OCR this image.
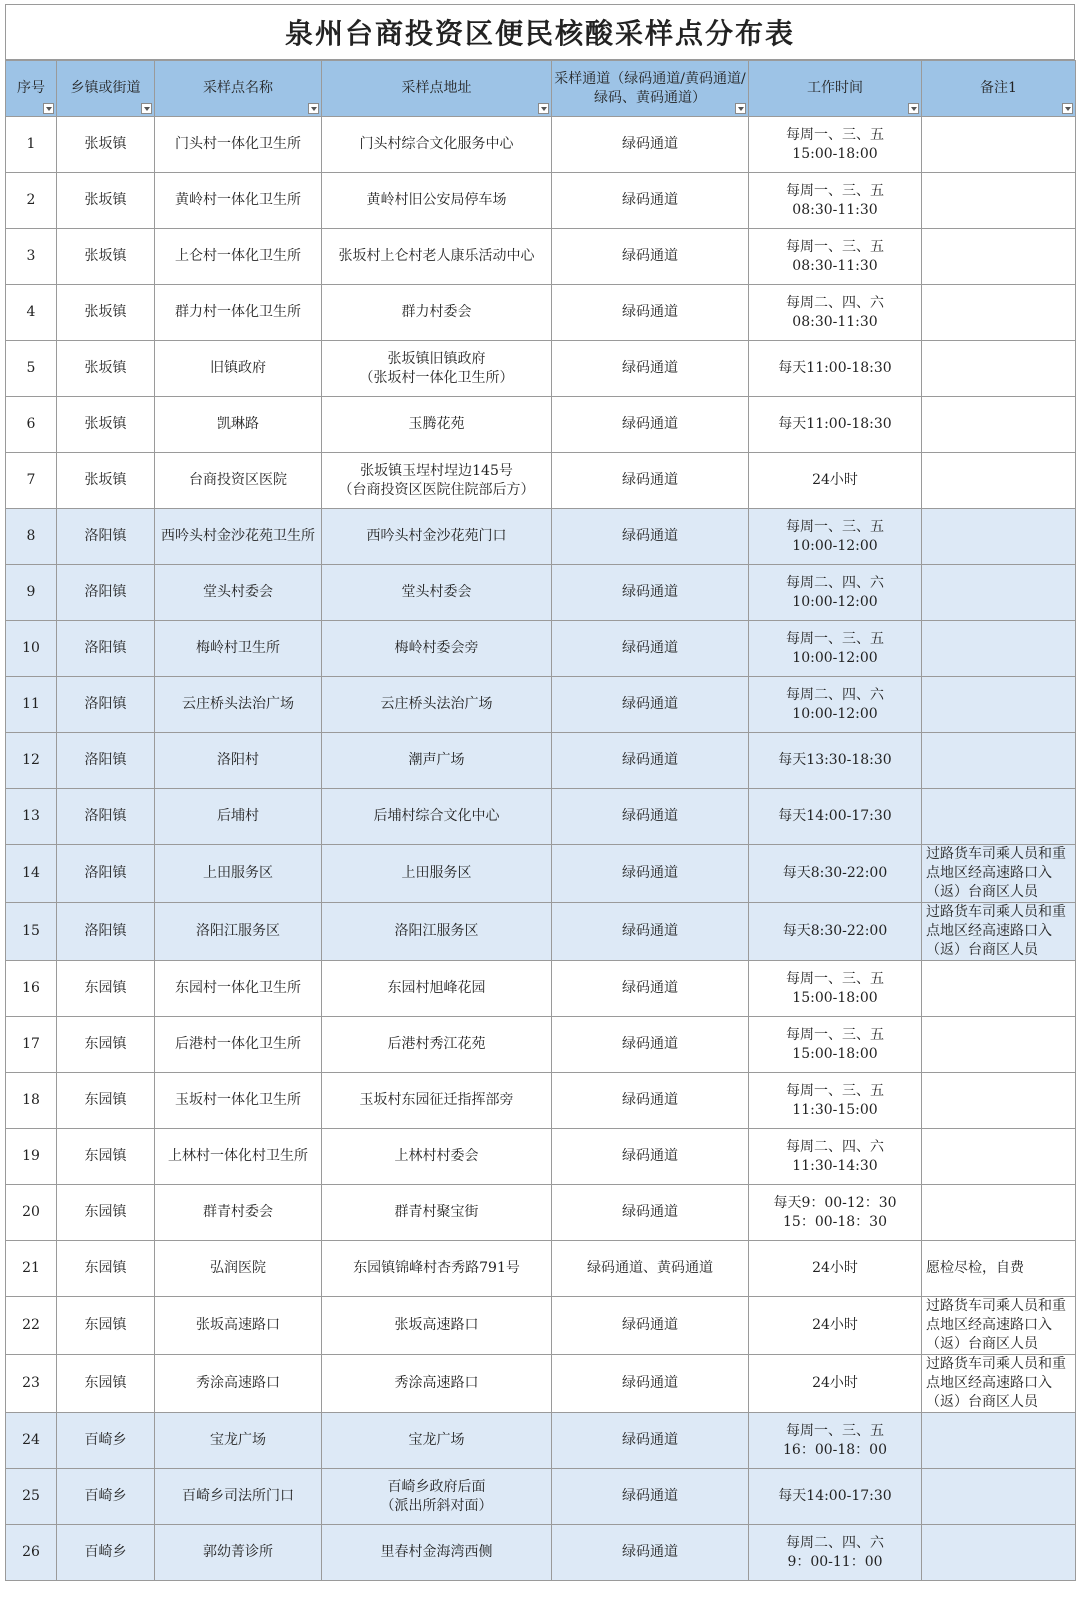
泉州台商投资区便民核酸采样点分布表
序号	乡镇或街道	采样点名称	采样点地址	采样通道（绿码通道/黄码通道/绿码、黄码通道）	工作时间	备注1

1	张坂镇	门头村一体化卫生所	门头村综合文化服务中心	绿码通道	每周一、三、五
15:00-18:00	
2	张坂镇	黄岭村一体化卫生所	黄岭村旧公安局停车场	绿码通道	每周一、三、五
08:30-11:30	
3	张坂镇	上仑村一体化卫生所	张坂村上仑村老人康乐活动中心	绿码通道	每周一、三、五
08:30-11:30	
4	张坂镇	群力村一体化卫生所	群力村委会	绿码通道	每周二、四、六
08:30-11:30	
5	张坂镇	旧镇政府	张坂镇旧镇政府
（张坂村一体化卫生所）	绿码通道	每天11:00-18:30	
6	张坂镇	凯琳路	玉腾花苑	绿码通道	每天11:00-18:30	
7	张坂镇	台商投资区医院	张坂镇玉埕村埕边145号
（台商投资区医院住院部后方）	绿码通道	24小时	
8	洛阳镇	西吟头村金沙花苑卫生所	西吟头村金沙花苑门口	绿码通道	每周一、三、五
10:00-12:00	
9	洛阳镇	堂头村委会	堂头村委会	绿码通道	每周二、四、六
10:00-12:00	
10	洛阳镇	梅岭村卫生所	梅岭村委会旁	绿码通道	每周一、三、五
10:00-12:00	
11	洛阳镇	云庄桥头法治广场	云庄桥头法治广场	绿码通道	每周二、四、六
10:00-12:00	
12	洛阳镇	洛阳村	潮声广场	绿码通道	每天13:30-18:30	
13	洛阳镇	后埔村	后埔村综合文化中心	绿码通道	每天14:00-17:30	
14	洛阳镇	上田服务区	上田服务区	绿码通道	每天8:30-22:00	过路货车司乘人员和重点地区经高速路口入（返）台商区人员
15	洛阳镇	洛阳江服务区	洛阳江服务区	绿码通道	每天8:30-22:00	过路货车司乘人员和重点地区经高速路口入（返）台商区人员
16	东园镇	东园村一体化卫生所	东园村旭峰花园	绿码通道	每周一、三、五
15:00-18:00	
17	东园镇	后港村一体化卫生所	后港村秀江花苑	绿码通道	每周一、三、五
15:00-18:00	
18	东园镇	玉坂村一体化卫生所	玉坂村东园征迁指挥部旁	绿码通道	每周一、三、五
11:30-15:00	
19	东园镇	上林村一体化村卫生所	上林村村委会	绿码通道	每周二、四、六
11:30-14:30	
20	东园镇	群青村委会	群青村聚宝街	绿码通道	每天9：00-12：30
15：00-18：30	
21	东园镇	弘润医院	东园镇锦峰村杏秀路791号	绿码通道、黄码通道	24小时	愿检尽检，自费
22	东园镇	张坂高速路口	张坂高速路口	绿码通道	24小时	过路货车司乘人员和重点地区经高速路口入（返）台商区人员
23	东园镇	秀涂高速路口	秀涂高速路口	绿码通道	24小时	过路货车司乘人员和重点地区经高速路口入（返）台商区人员
24	百崎乡	宝龙广场	宝龙广场	绿码通道	每周一、三、五
16：00-18：00	
25	百崎乡	百崎乡司法所门口	百崎乡政府后面
（派出所斜对面）	绿码通道	每天14:00-17:30	
26	百崎乡	郭幼菁诊所	里春村金海湾西侧	绿码通道	每周二、四、六
9：00-11：00	
